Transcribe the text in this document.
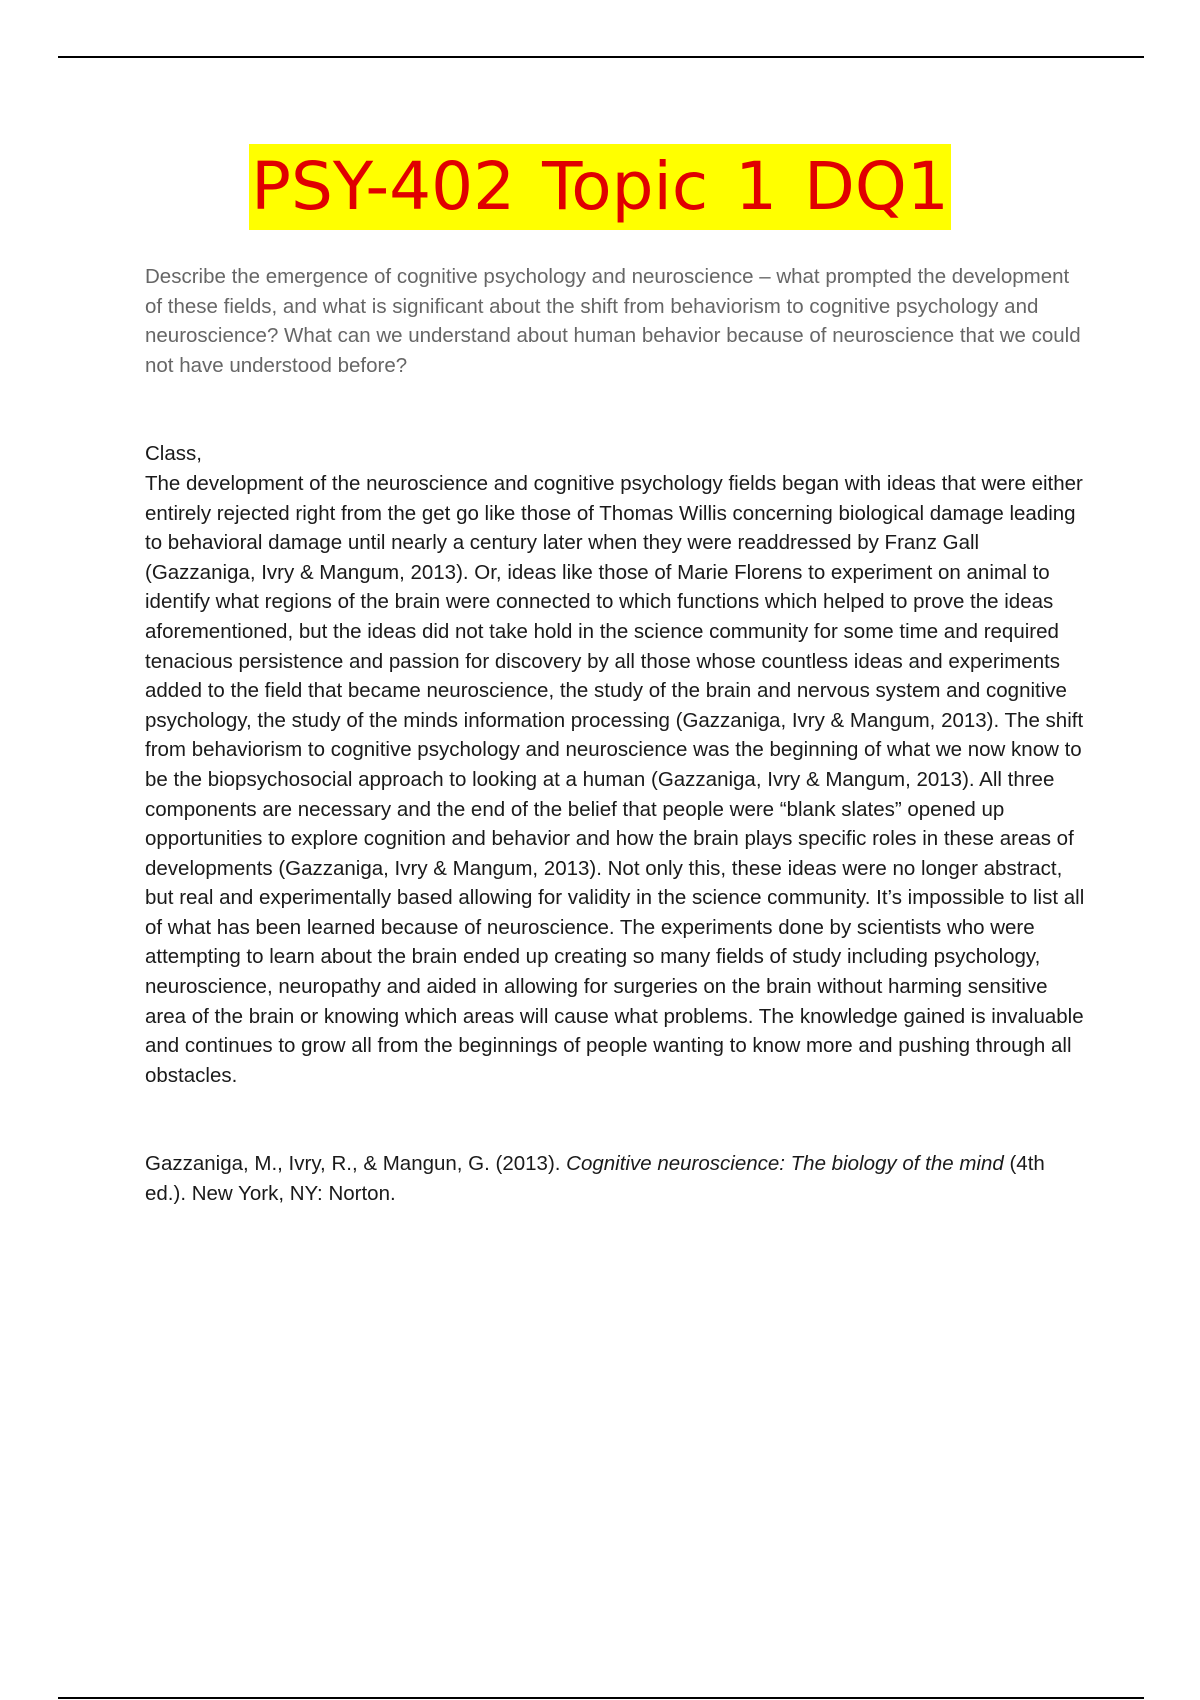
PSY-402 Topic 1 DQ1

Describe the emergence of cognitive psychology and neuroscience – what prompted the development of these fields, and what is significant about the shift from behaviorism to cognitive psychology and neuroscience? What can we understand about human behavior because of neuroscience that we could not have understood before?

Class,

The development of the neuroscience and cognitive psychology fields began with ideas that were either entirely rejected right from the get go like those of Thomas Willis concerning biological damage leading to behavioral damage until nearly a century later when they were readdressed by Franz Gall (Gazzaniga, Ivry & Mangum, 2013). Or, ideas like those of Marie Florens to experiment on animal to identify what regions of the brain were connected to which functions which helped to prove the ideas aforementioned, but the ideas did not take hold in the science community for some time and required tenacious persistence and passion for discovery by all those whose countless ideas and experiments added to the field that became neuroscience, the study of the brain and nervous system and cognitive psychology, the study of the minds information processing (Gazzaniga, Ivry & Mangum, 2013). The shift from behaviorism to cognitive psychology and neuroscience was the beginning of what we now know to be the biopsychosocial approach to looking at a human (Gazzaniga, Ivry & Mangum, 2013). All three components are necessary and the end of the belief that people were “blank slates” opened up opportunities to explore cognition and behavior and how the brain plays specific roles in these areas of developments (Gazzaniga, Ivry & Mangum, 2013). Not only this, these ideas were no longer abstract, but real and experimentally based allowing for validity in the science community. It’s impossible to list all of what has been learned because of neuroscience. The experiments done by scientists who were attempting to learn about the brain ended up creating so many fields of study including psychology, neuroscience, neuropathy and aided in allowing for surgeries on the brain without harming sensitive area of the brain or knowing which areas will cause what problems. The knowledge gained is invaluable and continues to grow all from the beginnings of people wanting to know more and pushing through all obstacles.

Gazzaniga, M., Ivry, R., & Mangun, G. (2013). Cognitive neuroscience: The biology of the mind (4th ed.). New York, NY: Norton.
